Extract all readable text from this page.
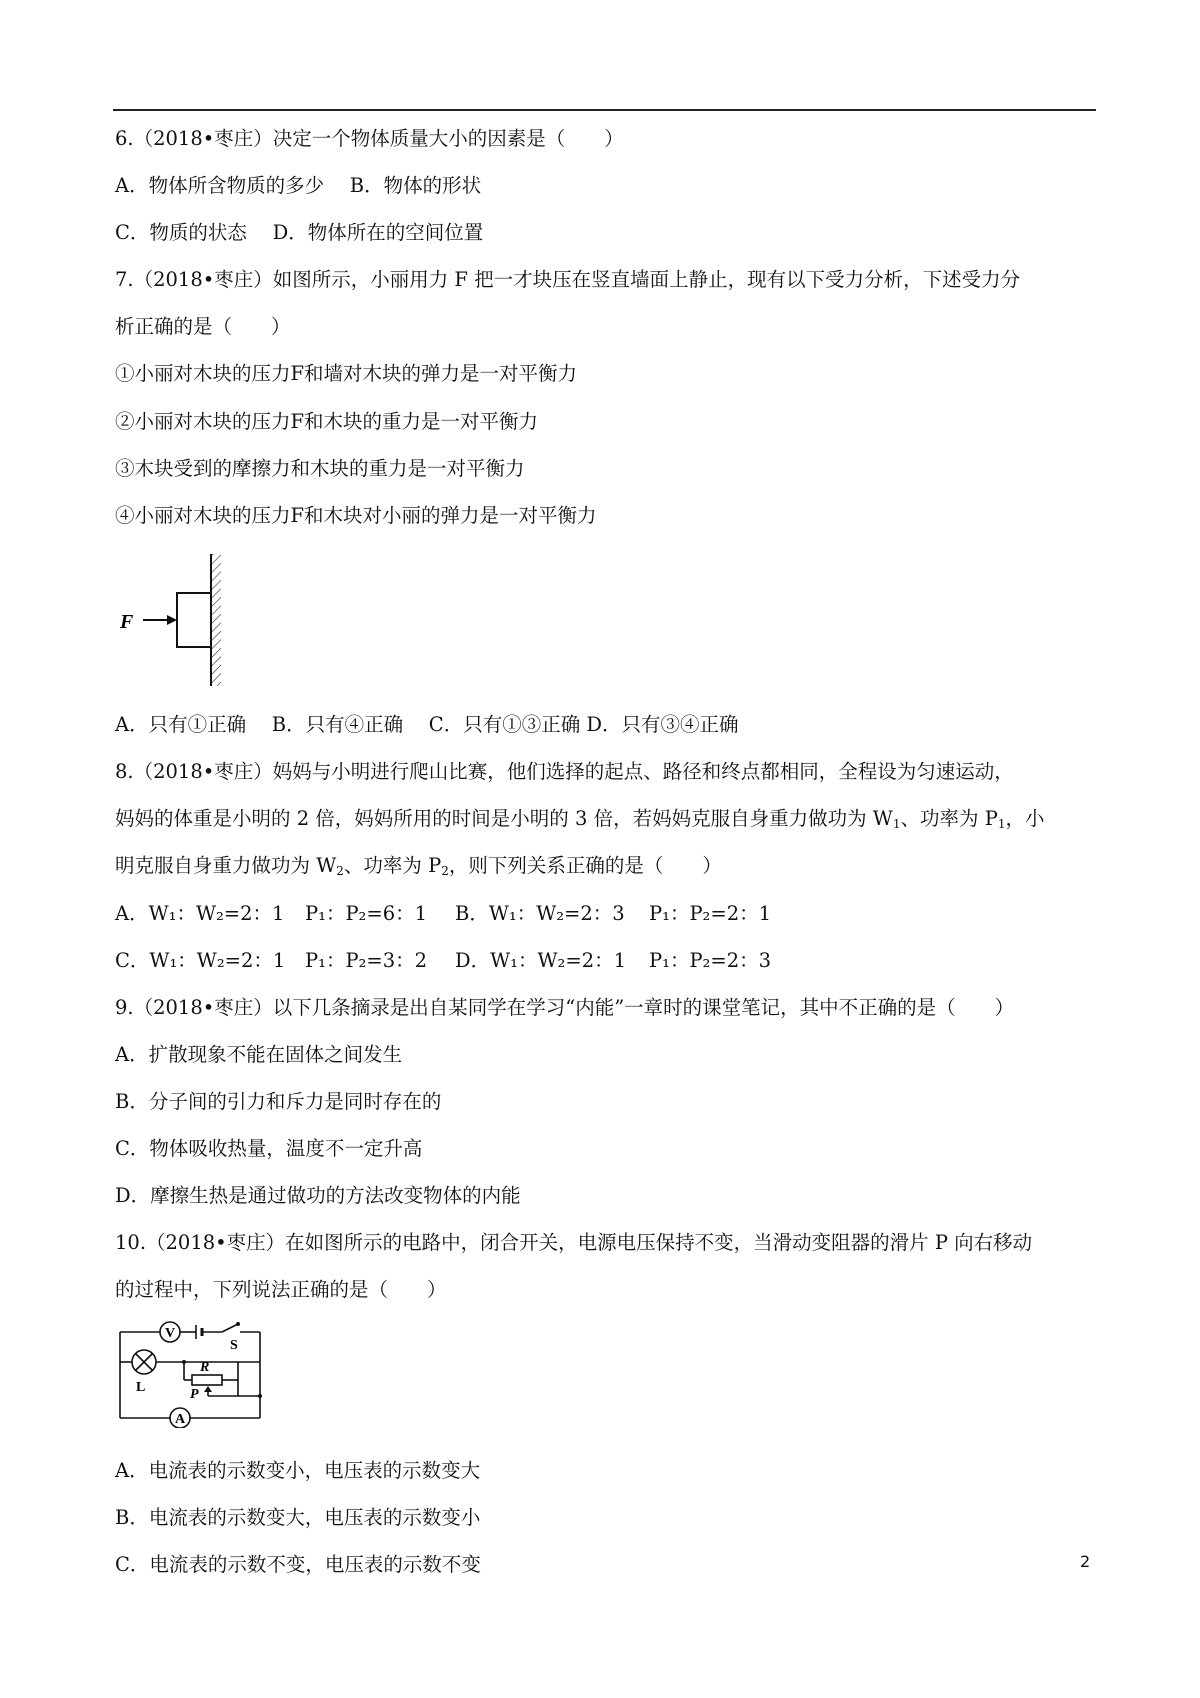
6.（2018•枣庄）决定一个物体质量大小的因素是（　　）
A．物体所含物质的多少　 B．物体的形状
C．物质的状态　 D．物体所在的空间位置
7.（2018•枣庄）如图所示，小丽用力 F 把一才块压在竖直墙面上静止，现有以下受力分析，下述受力分
析正确的是（　　）
①小丽对木块的压力F和墙对木块的弹力是一对平衡力
②小丽对木块的压力F和木块的重力是一对平衡力
③木块受到的摩擦力和木块的重力是一对平衡力
④小丽对木块的压力F和木块对小丽的弹力是一对平衡力
F
A．只有①正确　 B．只有④正确　 C．只有①③正确 D．只有③④正确
8.（2018•枣庄）妈妈与小明进行爬山比赛，他们选择的起点、路径和终点都相同，全程设为匀速运动，
妈妈的体重是小明的 2 倍，妈妈所用的时间是小明的 3 倍，若妈妈克服自身重力做功为 $W_1$、功率为 $P_1$，小
明克服自身重力做功为 $W_2$、功率为 $P_2$，则下列关系正确的是（　　）
A．W₁：W₂=2：1 P₁：P₂=6：1 B．W₁：W₂=2：3 P₁：P₂=2：1
C．W₁：W₂=2：1 P₁：P₂=3：2 D．W₁：W₂=2：1 P₁：P₂=2：3
9.（2018•枣庄）以下几条摘录是出自某同学在学习“内能”一章时的课堂笔记，其中不正确的是（　　）
A．扩散现象不能在固体之间发生
B．分子间的引力和斥力是同时存在的
C．物体吸收热量，温度不一定升高
D．摩擦生热是通过做功的方法改变物体的内能
10.（2018•枣庄）在如图所示的电路中，闭合开关，电源电压保持不变，当滑动变阻器的滑片 P 向右移动
的过程中，下列说法正确的是（　　）
V
S
R
L	P
A
A．电流表的示数变小，电压表的示数变大
B．电流表的示数变大，电压表的示数变小
C．电流表的示数不变，电压表的示数不变	2
